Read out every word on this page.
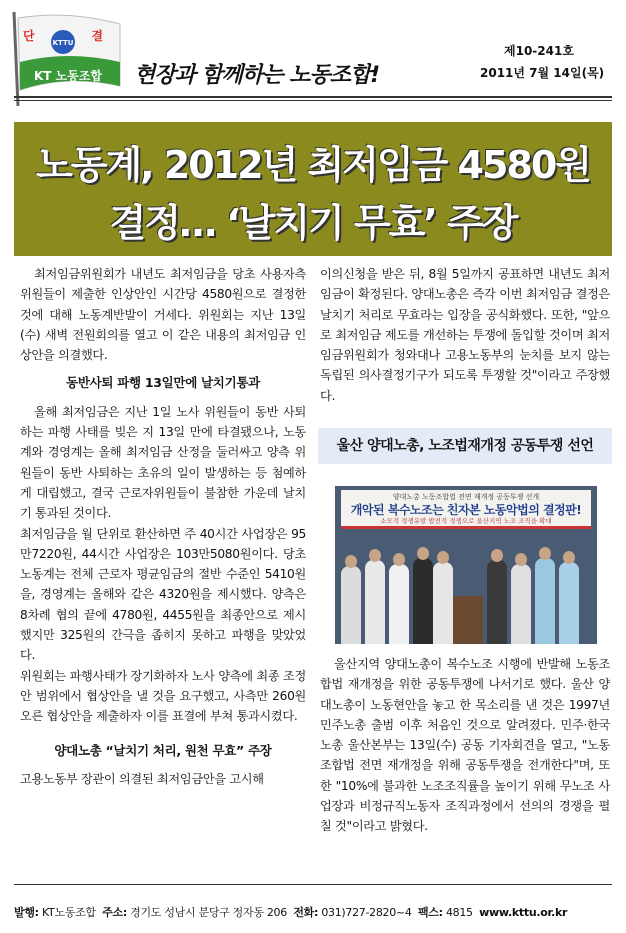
KTTU
단 결
KT 노동조합 현장과 함께하는 노동조합!
제10-241호
2011년 7월 14일(목)
노동계, 2012년 최저임금 4580원
결정… ‘날치기 무효’ 주장

최저임금위원회가 내년도 최저임금을 당초 사용자측 위원들이 제출한 인상안인 시간당 4580원으로 결정한 것에 대해 노동계반발이 거세다. 위원회는 지난 13일(수) 새벽 전원회의를 열고 이 같은 내용의 최저임금 인상안을 의결했다.

동반사퇴 파행 13일만에 날치기통과

올해 최저임금은 지난 1일 노사 위원들이 동반 사퇴하는 파행 사태를 빚은 지 13일 만에 타결됐으나, 노동계와 경영계는 올해 최저임금 산정을 둘러싸고 양측 위원들이 동반 사퇴하는 초유의 일이 발생하는 등 첨예하게 대립했고, 결국 근로자위원들이 불참한 가운데 날치기 통과된 것이다.

최저임금을 월 단위로 환산하면 주 40시간 사업장은 95만7220원, 44시간 사업장은 103만5080원이다. 당초 노동계는 전체 근로자 평균임금의 절반 수준인 5410원을, 경영계는 올해와 같은 4320원을 제시했다. 양측은 8차례 협의 끝에 4780원, 4455원을 최종안으로 제시했지만 325원의 간극을 좁히지 못하고 파행을 맞았었다.

위원회는 파행사태가 장기화하자 노사 양측에 최종 조정안 범위에서 협상안을 낼 것을 요구했고, 사측만 260원 오른 협상안을 제출하자 이를 표결에 부쳐 통과시켰다.

양대노총 “날치기 처리, 원천 무효” 주장

고용노동부 장관이 의결된 최저임금안을 고시해

이의신청을 받은 뒤, 8월 5일까지 공표하면 내년도 최저임금이 확정된다. 양대노총은 즉각 이번 최저임금 결정은 날치기 처리로 무효라는 입장을 공식화했다. 또한, "앞으로 최저임금 제도를 개선하는 투쟁에 돌입할 것이며 최저임금위원회가 청와대나 고용노동부의 눈치를 보지 않는 독립된 의사결정기구가 되도록 투쟁할 것"이라고 주장했다.

울산 양대노총, 노조법재개정 공동투쟁 선언
양대노총 노동조합법 전면 재개정 공동투쟁 선개
개악된 복수노조는 친자본 노동악법의 결정판!
소모적 경쟁유발 발전적 경쟁으로 울산지역 노조 조직을 확대

울산지역 양대노총이 복수노조 시행에 반발해 노동조합법 재개정을 위한 공동투쟁에 나서기로 했다. 울산 양대노총이 노동현안을 놓고 한 목소리를 낸 것은 1997년 민주노총 출범 이후 처음인 것으로 알려졌다. 민주·한국노총 울산본부는 13일(수) 공동 기자회견을 열고, "노동조합법 전면 재개정을 위해 공동투쟁을 전개한다"며, 또한 "10%에 불과한 노조조직률을 높이기 위해 무노조 사업장과 비정규직노동자 조직과정에서 선의의 경쟁을 펼칠 것"이라고 밝혔다.

발행: KT노동조합 주소: 경기도 성남시 분당구 정자동 206 전화: 031)727-2820~4 팩스: 4815 www.kttu.or.kr
